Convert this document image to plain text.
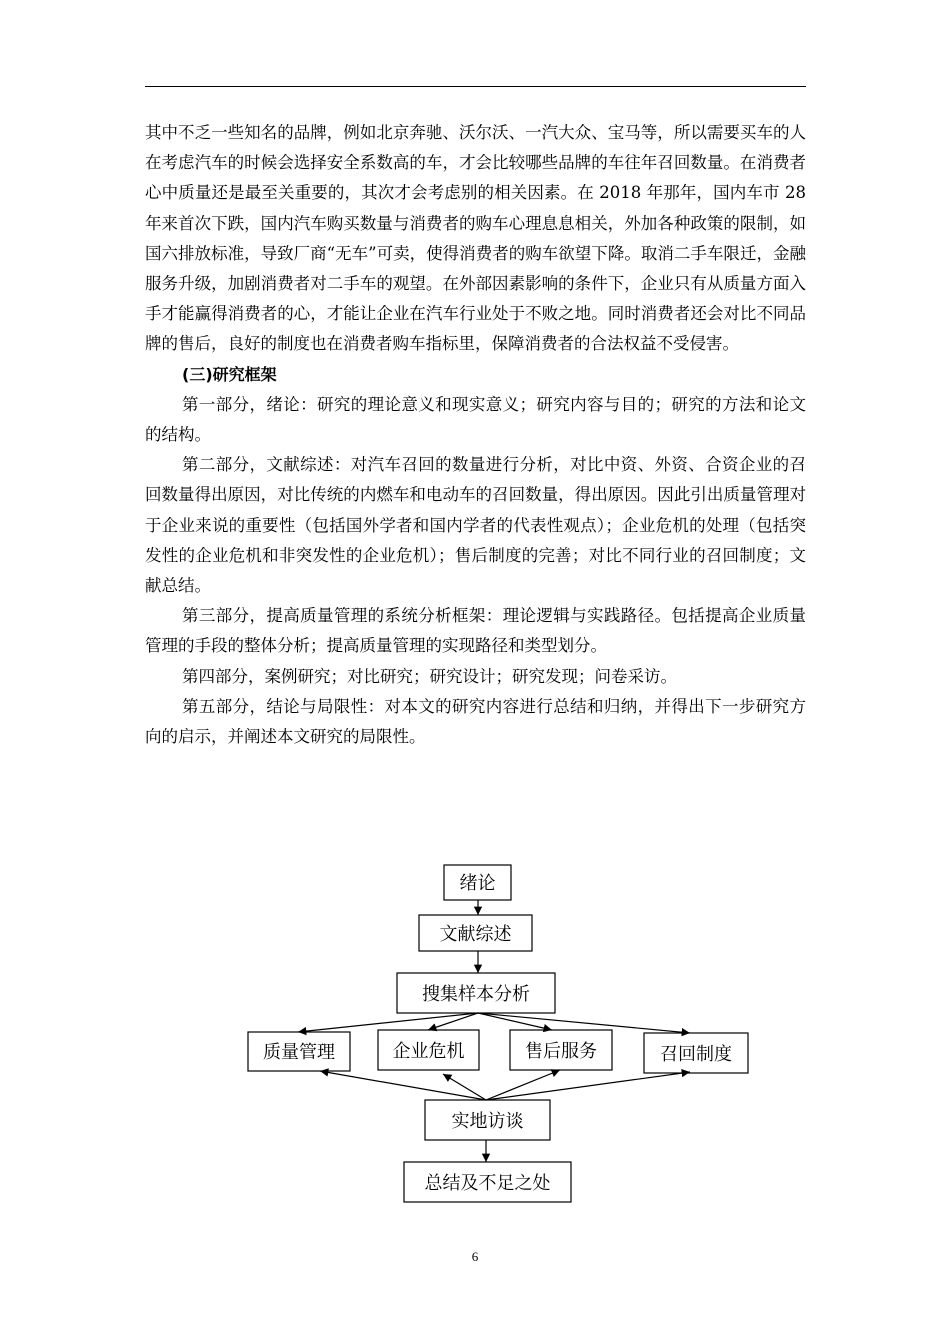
其中不乏一些知名的品牌，例如北京奔驰、沃尔沃、一汽大众、宝马等，所以需要买车的人在考虑汽车的时候会选择安全系数高的车，才会比较哪些品牌的车往年召回数量。在消费者心中质量还是最至关重要的，其次才会考虑别的相关因素。在 2018 年那年，国内车市 28 年来首次下跌，国内汽车购买数量与消费者的购车心理息息相关，外加各种政策的限制，如国六排放标准，导致厂商“无车”可卖，使得消费者的购车欲望下降。取消二手车限迁，金融服务升级，加剧消费者对二手车的观望。在外部因素影响的条件下，企业只有从质量方面入手才能赢得消费者的心，才能让企业在汽车行业处于不败之地。同时消费者还会对比不同品牌的售后，良好的制度也在消费者购车指标里，保障消费者的合法权益不受侵害。

(三)研究框架

第一部分，绪论：研究的理论意义和现实意义；研究内容与目的；研究的方法和论文的结构。

第二部分，文献综述：对汽车召回的数量进行分析，对比中资、外资、合资企业的召回数量得出原因，对比传统的内燃车和电动车的召回数量，得出原因。因此引出质量管理对于企业来说的重要性（包括国外学者和国内学者的代表性观点）；企业危机的处理（包括突发性的企业危机和非突发性的企业危机）；售后制度的完善；对比不同行业的召回制度；文献总结。

第三部分，提高质量管理的系统分析框架：理论逻辑与实践路径。包括提高企业质量管理的手段的整体分析；提高质量管理的实现路径和类型划分。

第四部分，案例研究；对比研究；研究设计；研究发现；问卷采访。

第五部分，结论与局限性：对本文的研究内容进行总结和归纳，并得出下一步研究方向的启示，并阐述本文研究的局限性。

绪论
文献综述
搜集样本分析
质量管理	企业危机	售后服务	召回制度
实地访谈
总结及不足之处
6
